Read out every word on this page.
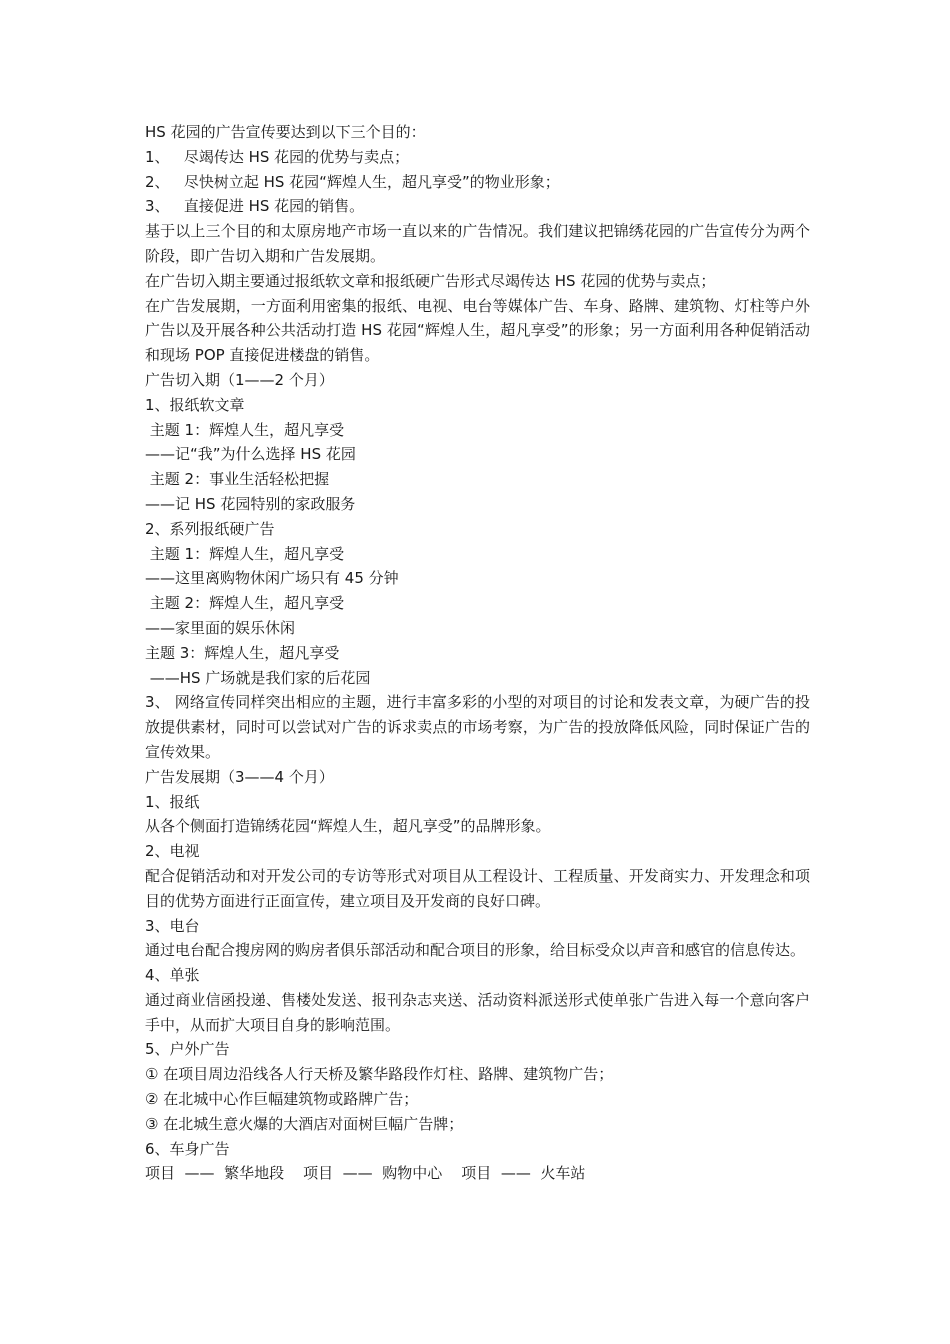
HS 花园的广告宣传要达到以下三个目的：
1、   尽竭传达 HS 花园的优势与卖点；
2、   尽快树立起 HS 花园“辉煌人生，超凡享受”的物业形象；
3、   直接促进 HS 花园的销售。
基于以上三个目的和太原房地产市场一直以来的广告情况。我们建议把锦绣花园的广告宣传分为两个阶段，即广告切入期和广告发展期。
在广告切入期主要通过报纸软文章和报纸硬广告形式尽竭传达 HS 花园的优势与卖点；
在广告发展期，一方面利用密集的报纸、电视、电台等媒体广告、车身、路牌、建筑物、灯柱等户外广告以及开展各种公共活动打造 HS 花园“辉煌人生，超凡享受”的形象；另一方面利用各种促销活动和现场 POP 直接促进楼盘的销售。
广告切入期（1——2 个月）
1、报纸软文章
主题 1：辉煌人生，超凡享受
——记“我”为什么选择 HS 花园
主题 2：事业生活轻松把握
——记 HS 花园特别的家政服务
2、系列报纸硬广告
主题 1：辉煌人生，超凡享受
——这里离购物休闲广场只有 45 分钟
主题 2：辉煌人生，超凡享受
——家里面的娱乐休闲
主题 3：辉煌人生，超凡享受
——HS 广场就是我们家的后花园
3、 网络宣传同样突出相应的主题，进行丰富多彩的小型的对项目的讨论和发表文章，为硬广告的投放提供素材，同时可以尝试对广告的诉求卖点的市场考察，为广告的投放降低风险，同时保证广告的宣传效果。
广告发展期（3——4 个月）
1、报纸
从各个侧面打造锦绣花园“辉煌人生，超凡享受”的品牌形象。
2、电视
配合促销活动和对开发公司的专访等形式对项目从工程设计、工程质量、开发商实力、开发理念和项目的优势方面进行正面宣传，建立项目及开发商的良好口碑。
3、电台
通过电台配合搜房网的购房者俱乐部活动和配合项目的形象，给目标受众以声音和感官的信息传达。
4、单张
通过商业信函投递、售楼处发送、报刊杂志夹送、活动资料派送形式使单张广告进入每一个意向客户手中，从而扩大项目自身的影响范围。
5、户外广告
① 在项目周边沿线各人行天桥及繁华路段作灯柱、路牌、建筑物广告；
② 在北城中心作巨幅建筑物或路牌广告；
③ 在北城生意火爆的大酒店对面树巨幅广告牌；
6、车身广告
项目  ——  繁华地段    项目  ——  购物中心    项目  ——  火车站
